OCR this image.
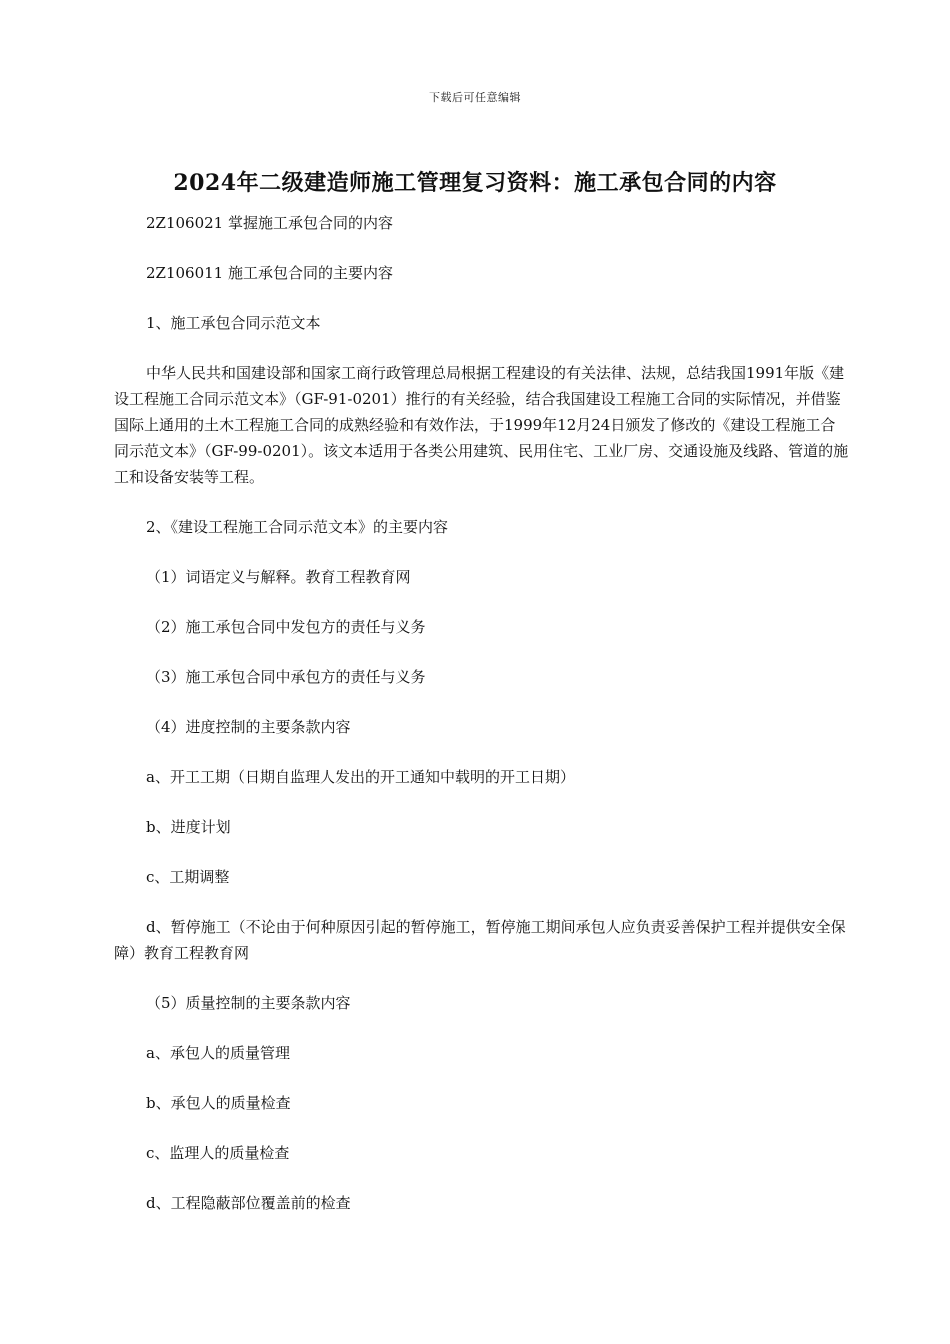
下载后可任意编辑
2024年二级建造师施工管理复习资料：施工承包合同的内容

2Z106021 掌握施工承包合同的内容

2Z106011 施工承包合同的主要内容

1、施工承包合同示范文本

中华人民共和国建设部和国家工商行政管理总局根据工程建设的有关法律、法规，总结我国1991年版《建设工程施工合同示范文本》（GF-91-0201）推行的有关经验，结合我国建设工程施工合同的实际情况，并借鉴国际上通用的土木工程施工合同的成熟经验和有效作法，于1999年12月24日颁发了修改的《建设工程施工合同示范文本》（GF-99-0201）。该文本适用于各类公用建筑、民用住宅、工业厂房、交通设施及线路、管道的施工和设备安装等工程。

2、《建设工程施工合同示范文本》的主要内容

（1）词语定义与解释。教育工程教育网

（2）施工承包合同中发包方的责任与义务

（3）施工承包合同中承包方的责任与义务

（4）进度控制的主要条款内容

a、开工工期（日期自监理人发出的开工通知中载明的开工日期）

b、进度计划

c、工期调整

d、暂停施工（不论由于何种原因引起的暂停施工，暂停施工期间承包人应负责妥善保护工程并提供安全保障）教育工程教育网

（5）质量控制的主要条款内容

a、承包人的质量管理

b、承包人的质量检查

c、监理人的质量检查

d、工程隐蔽部位覆盖前的检查
